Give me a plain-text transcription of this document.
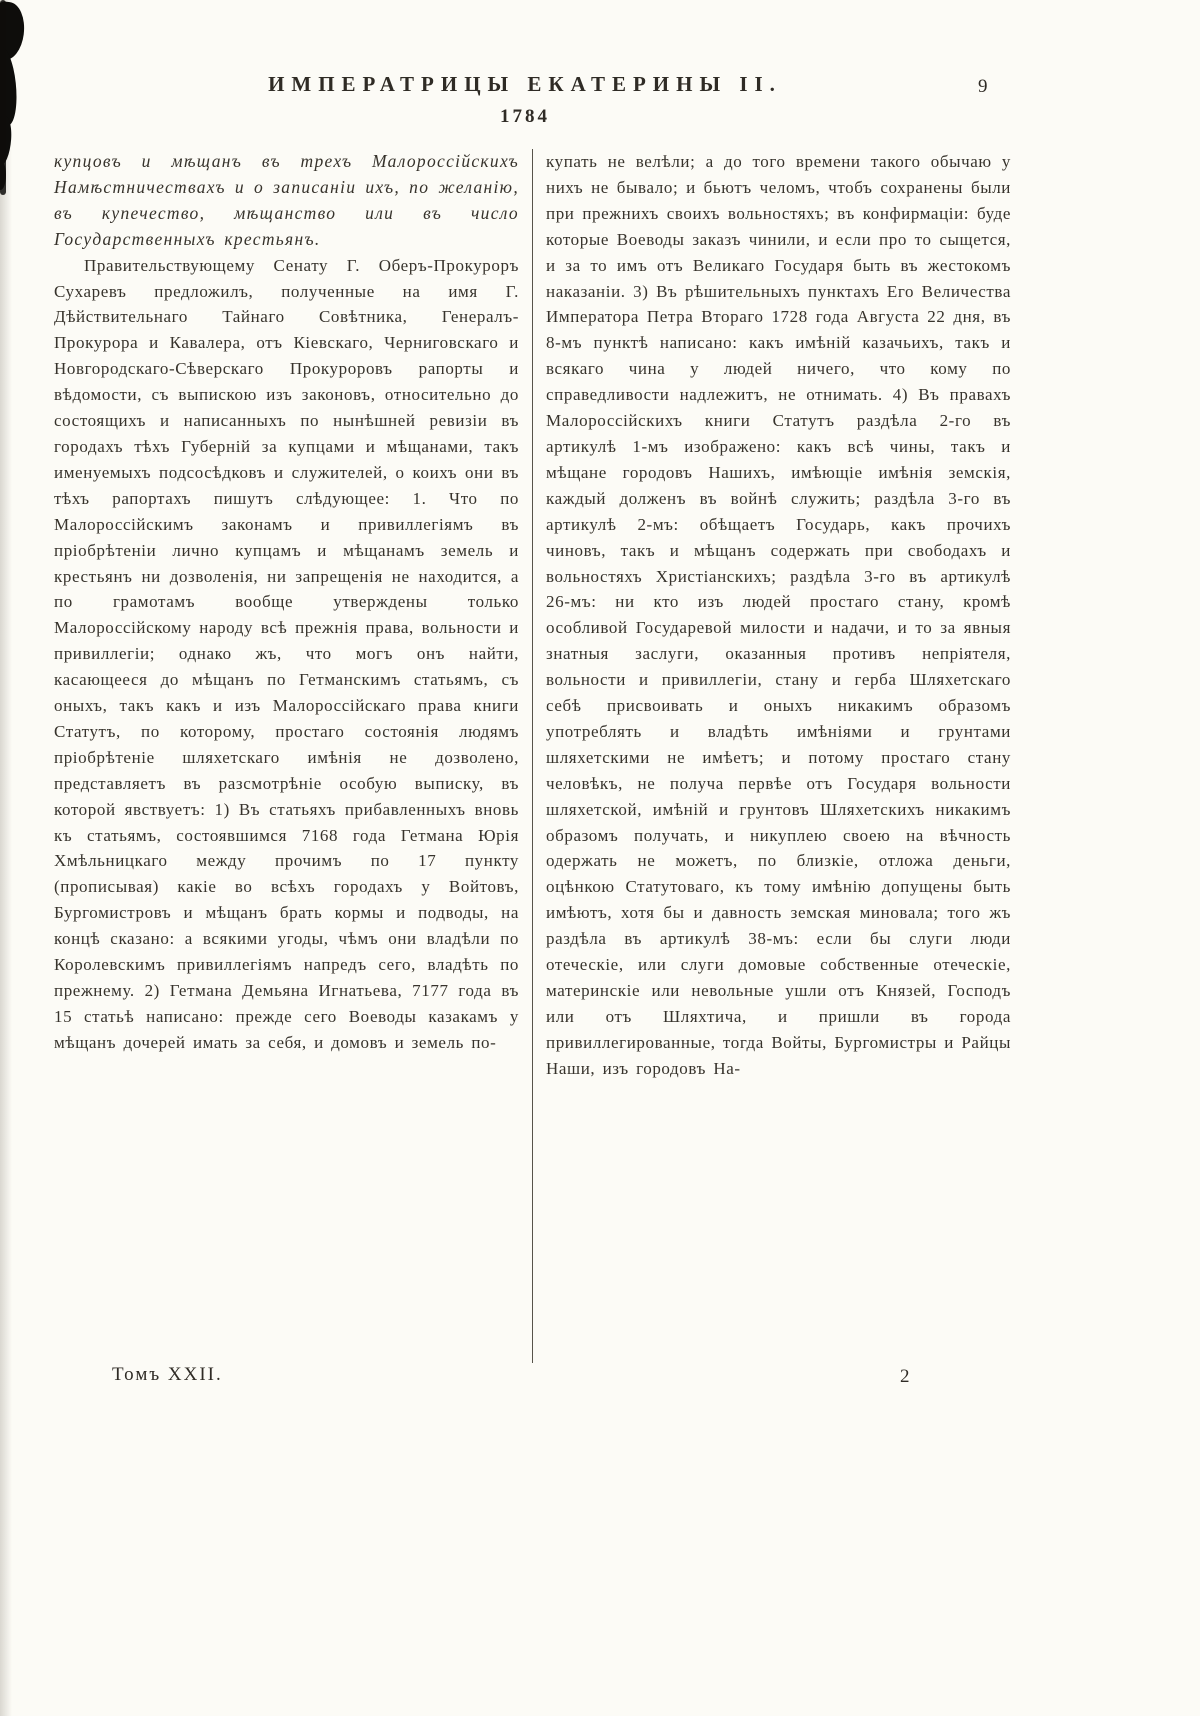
ИМПЕРАТРИЦЫ ЕКАТЕРИНЫ II.	9
1784

купцовъ и мѣщанъ въ трехъ Малороссійскихъ Намѣстничествахъ и о записаніи ихъ, по желанію, въ купечество, мѣщанство или въ число Государственныхъ крестьянъ.

Правительствующему Сенату Г. Оберъ-Прокуроръ Сухаревъ предложилъ, полученные на имя Г. Дѣйствительнаго Тайнаго Совѣтника, Генералъ-Прокурора и Кавалера, отъ Кіевскаго, Черниговскаго и Новгородскаго-Сѣверскаго Прокуроровъ рапорты и вѣдомости, съ выпискою изъ законовъ, относительно до состоящихъ и написанныхъ по нынѣшней ревизіи въ городахъ тѣхъ Губерній за купцами и мѣщанами, такъ именуемыхъ подсосѣдковъ и служителей, о коихъ они въ тѣхъ рапортахъ пишутъ слѣдующее: 1. Что по Малороссійскимъ законамъ и привиллегіямъ въ пріобрѣтеніи лично купцамъ и мѣщанамъ земель и крестьянъ ни дозволенія, ни запрещенія не находится, а по грамотамъ вообще утверждены только Малороссійскому народу всѣ прежнія права, вольности и привиллегіи; однако жъ, что могъ онъ найти, касающееся до мѣщанъ по Гетманскимъ статьямъ, съ оныхъ, такъ какъ и изъ Малороссійскаго права книги Статутъ, по которому, простаго состоянія людямъ пріобрѣтеніе шляхетскаго имѣнія не дозволено, представляетъ въ разсмотрѣніе особую выписку, въ которой явствуетъ: 1) Въ статьяхъ прибавленныхъ вновь къ статьямъ, состоявшимся 7168 года Гетмана Юрія Хмѣльницкаго между прочимъ по 17 пункту (прописывая) какіе во всѣхъ городахъ у Войтовъ, Бургомистровъ и мѣщанъ брать кормы и подводы, на концѣ сказано: а всякими угоды, чѣмъ они владѣли по Королевскимъ привиллегіямъ напредъ сего, владѣть по прежнему. 2) Гетмана Демьяна Игнатьева, 7177 года въ 15 статьѣ написано: прежде сего Воеводы казакамъ у мѣщанъ дочерей имать за себя, и домовъ и земель по-

купать не велѣли; а до того времени такого обычаю у нихъ не бывало; и бьютъ челомъ, чтобъ сохранены были при прежнихъ своихъ вольностяхъ; въ конфирмаціи: буде которые Воеводы заказъ чинили, и если про то сыщется, и за то имъ отъ Великаго Государя быть въ жестокомъ наказаніи. 3) Въ рѣшительныхъ пунктахъ Его Величества Императора Петра Втораго 1728 года Августа 22 дня, въ 8-мъ пунктѣ написано: какъ имѣній казачьихъ, такъ и всякаго чина у людей ничего, что кому по справедливости надлежитъ, не отнимать. 4) Въ правахъ Малороссійскихъ книги Статутъ раздѣла 2-го въ артикулѣ 1-мъ изображено: какъ всѣ чины, такъ и мѣщане городовъ Нашихъ, имѣющіе имѣнія земскія, каждый долженъ въ войнѣ служить; раздѣла 3-го въ артикулѣ 2-мъ: обѣщаетъ Государь, какъ прочихъ чиновъ, такъ и мѣщанъ содержать при свободахъ и вольностяхъ Христіанскихъ; раздѣла 3-го въ артикулѣ 26-мъ: ни кто изъ людей простаго стану, кромѣ особливой Государевой милости и надачи, и то за явныя знатныя заслуги, оказанныя противъ непріятеля, вольности и привиллегіи, стану и герба Шляхетскаго себѣ присвоивать и оныхъ никакимъ образомъ употреблять и владѣть имѣніями и грунтами шляхетскими не имѣетъ; и потому простаго стану человѣкъ, не получа первѣе отъ Государя вольности шляхетской, имѣній и грунтовъ Шляхетскихъ никакимъ образомъ получать, и никуплею своею на вѣчность одержать не можетъ, по близкіе, отложа деньги, оцѣнкою Статутоваго, къ тому имѣнію допущены быть имѣютъ, хотя бы и давность земская миновала; того жъ раздѣла въ артикулѣ 38-мъ: если бы слуги люди отеческіе, или слуги домовые собственные отеческіе, материнскіе или невольные ушли отъ Князей, Господъ или отъ Шляхтича, и пришли въ города привиллегированные, тогда Войты, Бургомистры и Райцы Наши, изъ городовъ На-

Томъ XXII.	2
